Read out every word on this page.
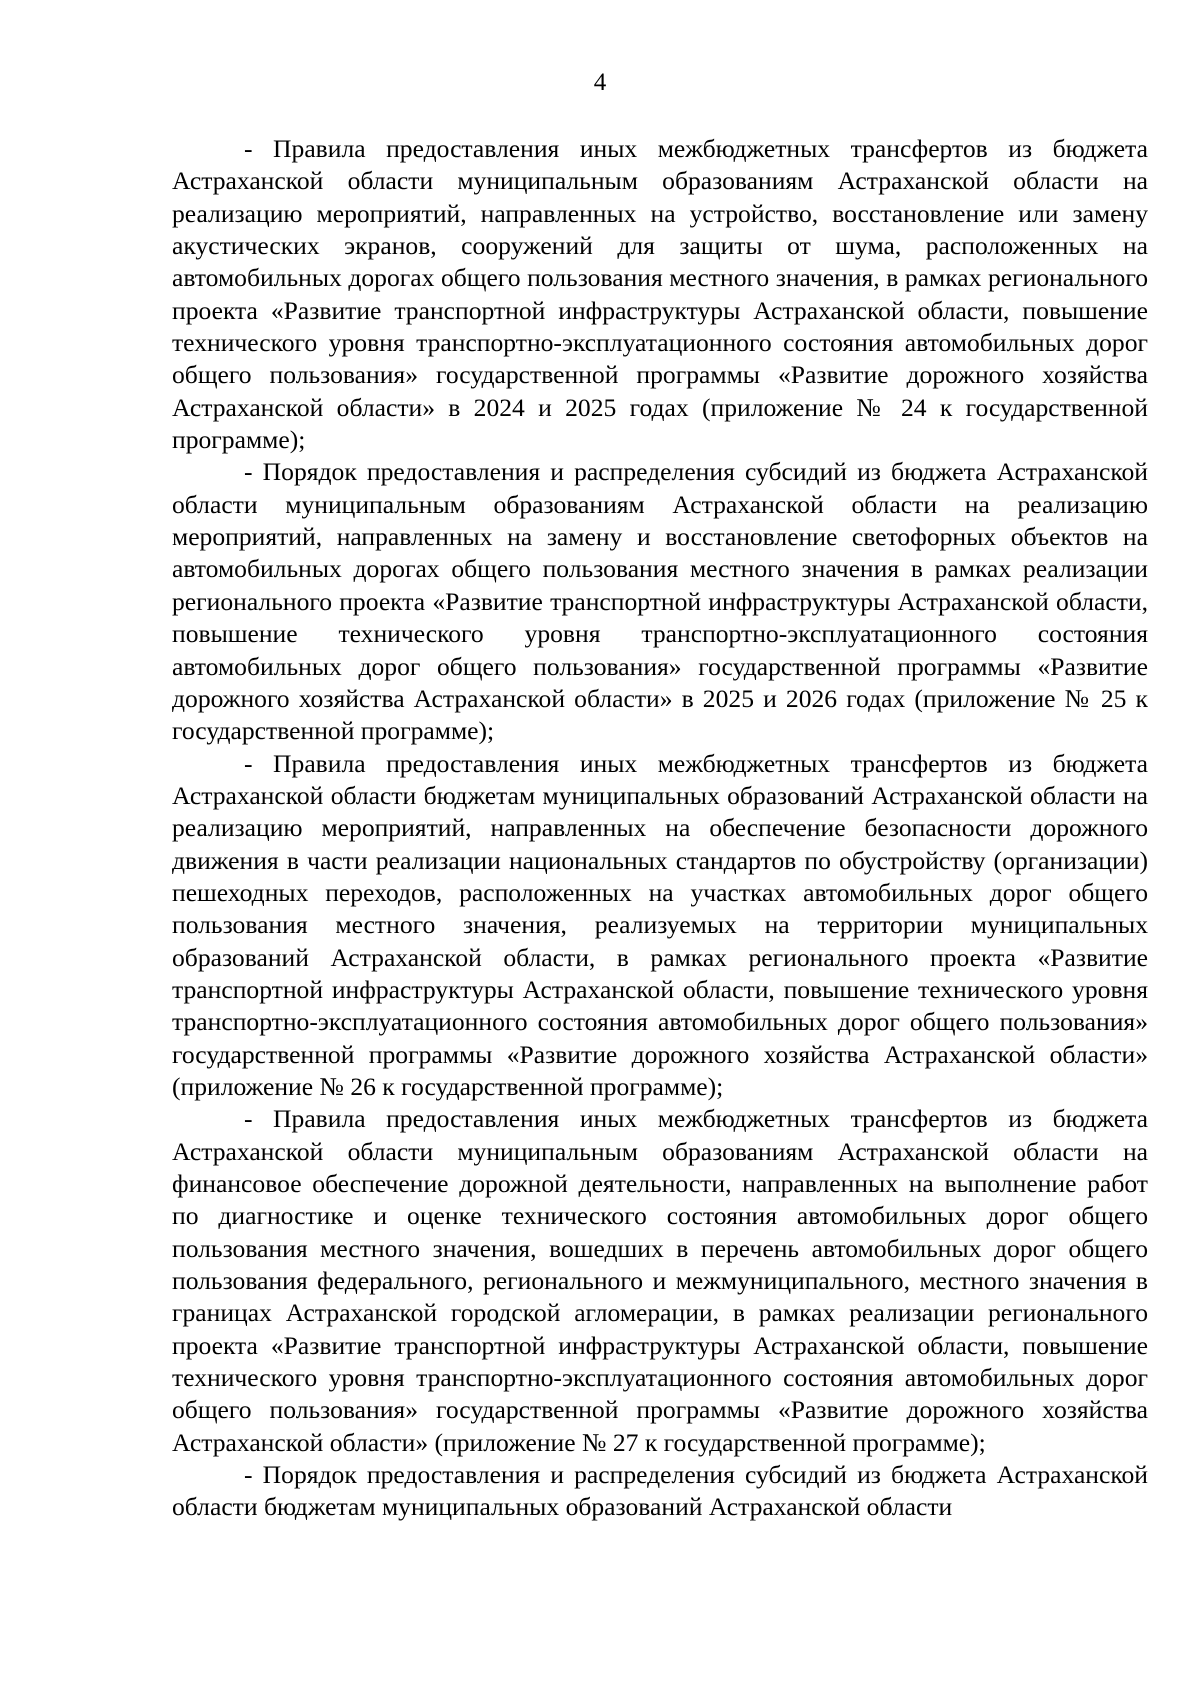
4

- Правила предоставления иных межбюджетных трансфертов из бюджета Астраханской области муниципальным образованиям Астраханской области на реализацию мероприятий, направленных на устройство, восстановление или замену акустических экранов, сооружений для защиты от шума, расположенных на автомобильных дорогах общего пользования местного значения, в рамках регионального проекта «Развитие транспортной инфраструктуры Астраханской области, повышение технического уровня транспортно-эксплуатационного состояния автомобильных дорог общего пользования» государственной программы «Развитие дорожного хозяйства Астраханской области» в 2024 и 2025 годах (приложение № 24 к государственной программе);

- Порядок предоставления и распределения субсидий из бюджета Астраханской области муниципальным образованиям Астраханской области на реализацию мероприятий, направленных на замену и восстановление светофорных объектов на автомобильных дорогах общего пользования местного значения в рамках реализации регионального проекта «Развитие транспортной инфраструктуры Астраханской области, повышение технического уровня транспортно-эксплуатационного состояния автомобильных дорог общего пользования» государственной программы «Развитие дорожного хозяйства Астраханской области» в 2025 и 2026 годах (приложение № 25 к государственной программе);

- Правила предоставления иных межбюджетных трансфертов из бюджета Астраханской области бюджетам муниципальных образований Астраханской области на реализацию мероприятий, направленных на обеспечение безопасности дорожного движения в части реализации национальных стандартов по обустройству (организации) пешеходных переходов, расположенных на участках автомобильных дорог общего пользования местного значения, реализуемых на территории муниципальных образований Астраханской области, в рамках регионального проекта «Развитие транспортной инфраструктуры Астраханской области, повышение технического уровня транспортно-эксплуатационного состояния автомобильных дорог общего пользования» государственной программы «Развитие дорожного хозяйства Астраханской области» (приложение № 26 к государственной программе);

- Правила предоставления иных межбюджетных трансфертов из бюджета Астраханской области муниципальным образованиям Астраханской области на финансовое обеспечение дорожной деятельности, направленных на выполнение работ по диагностике и оценке технического состояния автомобильных дорог общего пользования местного значения, вошедших в перечень автомобильных дорог общего пользования федерального, регионального и межмуниципального, местного значения в границах Астраханской городской агломерации, в рамках реализации регионального проекта «Развитие транспортной инфраструктуры Астраханской области, повышение технического уровня транспортно-эксплуатационного состояния автомобильных дорог общего пользования» государственной программы «Развитие дорожного хозяйства Астраханской области» (приложение № 27 к государственной программе);

- Порядок предоставления и распределения субсидий из бюджета Астраханской области бюджетам муниципальных образований Астраханской области
